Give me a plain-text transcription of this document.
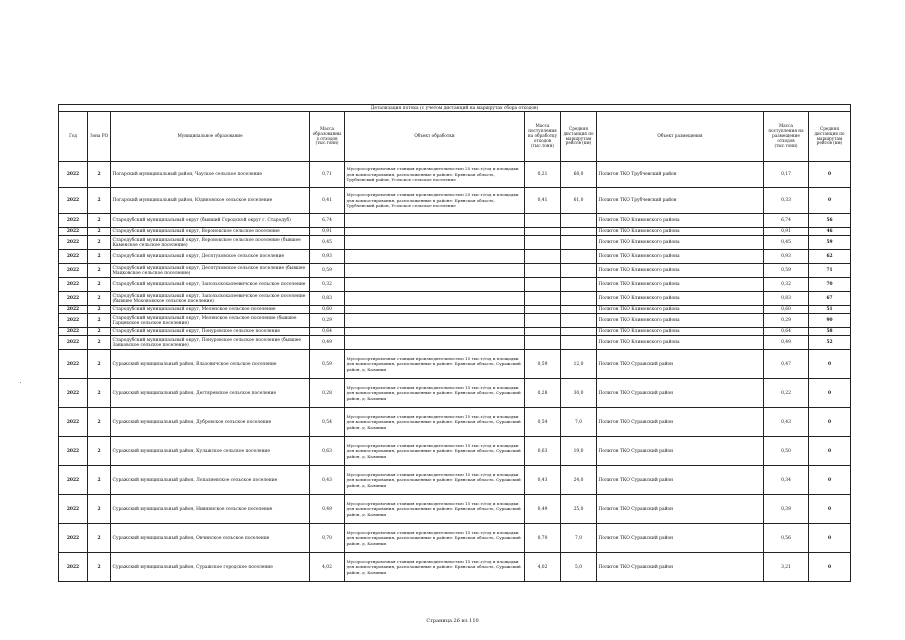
Детализация потока (с учетом дистанций на маршрутах сбора отходов)									
Год	Зона РО	Муниципальное образование	Масса образованных отходов (тыс.тонн)	Объект обработки	Масса поступления на обработку отходов (тыс.тонн)	Средняя дистанция по маршрутам рейсов (км)	Объект размещения	Масса поступления на размещение отходов (тыс.тонн)	Средняя дистанция по маршрутам рейсов (км)
2022	2	Погарский муниципальный район, Чауское сельское поселение	0,71	Мусоросортировочная станция производительностью 25 тыс.т/год и площадки для компостирования, расположенные в районе: Брянская область, Трубчевский район, Усохское сельское поселение	0,21	68,0	Полигон ТКО Трубчевский район	0,17	0
2022	2	Погарский муниципальный район, Юдиновское сельское поселение	0,41	Мусоросортировочная станция производительностью 25 тыс.т/год и площадки для компостирования, расположенные в районе: Брянская область, Трубчевский район, Усохское сельское поселение	0,41	61,0	Полигон ТКО Трубчевский район	0,33	0
2022	2	Стародубский муниципальный округ (бывший Городской округ г. Стародуб)	6,74				Полигон ТКО Климовского района	6,74	56
2022	2	Стародубский муниципальный округ, Воронокское сельское поселение	0,91				Полигон ТКО Климовского района	0,91	46
2022	2	Стародубский муниципальный округ, Воронокское сельское поселение (бывшее Каменское сельское поселение)	0,45				Полигон ТКО Климовского района	0,45	59
2022	2	Стародубский муниципальный округ, Десятуховское сельское поселение	0,93				Полигон ТКО Климовского района	0,93	62
2022	2	Стародубский муниципальный округ, Десятуховское сельское поселение (бывшее Мацковское сельское поселение)	0,59				Полигон ТКО Климовского района	0,59	71
2022	2	Стародубский муниципальный округ, Запольскохалеевичское сельское поселение	0,32				Полигон ТКО Климовского района	0,32	70
2022	2	Стародубский муниципальный округ, Запольскохалеевичское сельское поселение (бывшее Мохоновское сельское поселение)	0,83				Полигон ТКО Климовского района	0,83	67
2022	2	Стародубский муниципальный округ, Меленское сельское поселение	0,60				Полигон ТКО Климовского района	0,60	51
2022	2	Стародубский муниципальный округ, Меленское сельское поселение (бывшее Гарцевское сельское поселение)	0,29				Полигон ТКО Климовского района	0,29	90
2022	2	Стародубский муниципальный округ, Понуровское сельское поселение	0,64				Полигон ТКО Климовского района	0,64	58
2022	2	Стародубский муниципальный округ, Понуровское сельское поселение (бывшее Занковское сельское поселение)	0,49				Полигон ТКО Климовского района	0,49	52
2022	2	Суражский муниципальный район, Влазовичское сельское поселение	0,59	Мусоросортировочная станция производительностью 15 тыс.т/год и площадки для компостирования, расположенные в районе: Брянская область, Суражский район, д. Калинки	0,59	12,0	Полигон ТКО Суражский район	0,47	0
2022	2	Суражский муниципальный район, Дегтяревское сельское поселение	0,28	Мусоросортировочная станция производительностью 15 тыс.т/год и площадки для компостирования, расположенные в районе: Брянская область, Суражский район, д. Калинки	0,28	30,0	Полигон ТКО Суражский район	0,22	0
2022	2	Суражский муниципальный район, Дубровское сельское поселение	0,54	Мусоросортировочная станция производительностью 15 тыс.т/год и площадки для компостирования, расположенные в районе: Брянская область, Суражский район, д. Калинки	0,54	7,0	Полигон ТКО Суражский район	0,43	0
2022	2	Суражский муниципальный район, Кулажское сельское поселение	0,63	Мусоросортировочная станция производительностью 15 тыс.т/год и площадки для компостирования, расположенные в районе: Брянская область, Суражский район, д. Калинки	0,63	19,0	Полигон ТКО Суражский район	0,50	0
2022	2	Суражский муниципальный район, Лопазненское сельское поселение	0,43	Мусоросортировочная станция производительностью 15 тыс.т/год и площадки для компостирования, расположенные в районе: Брянская область, Суражский район, д. Калинки	0,43	24,0	Полигон ТКО Суражский район	0,34	0
2022	2	Суражский муниципальный район, Нивнянское сельское поселение	0,49	Мусоросортировочная станция производительностью 15 тыс.т/год и площадки для компостирования, расположенные в районе: Брянская область, Суражский район, д. Калинки	0,49	25,0	Полигон ТКО Суражский район	0,39	0
2022	2	Суражский муниципальный район, Овчинское сельское поселение	0,70	Мусоросортировочная станция производительностью 15 тыс.т/год и площадки для компостирования, расположенные в районе: Брянская область, Суражский район, д. Калинки	0,70	7,0	Полигон ТКО Суражский район	0,56	0
2022	2	Суражский муниципальный район, Суражское городское поселение	4,02	Мусоросортировочная станция производительностью 15 тыс.т/год и площадки для компостирования, расположенные в районе: Брянская область, Суражский район, д. Калинки	4,02	5,0	Полигон ТКО Суражский район	3,21	0
Страница 26 из 110
